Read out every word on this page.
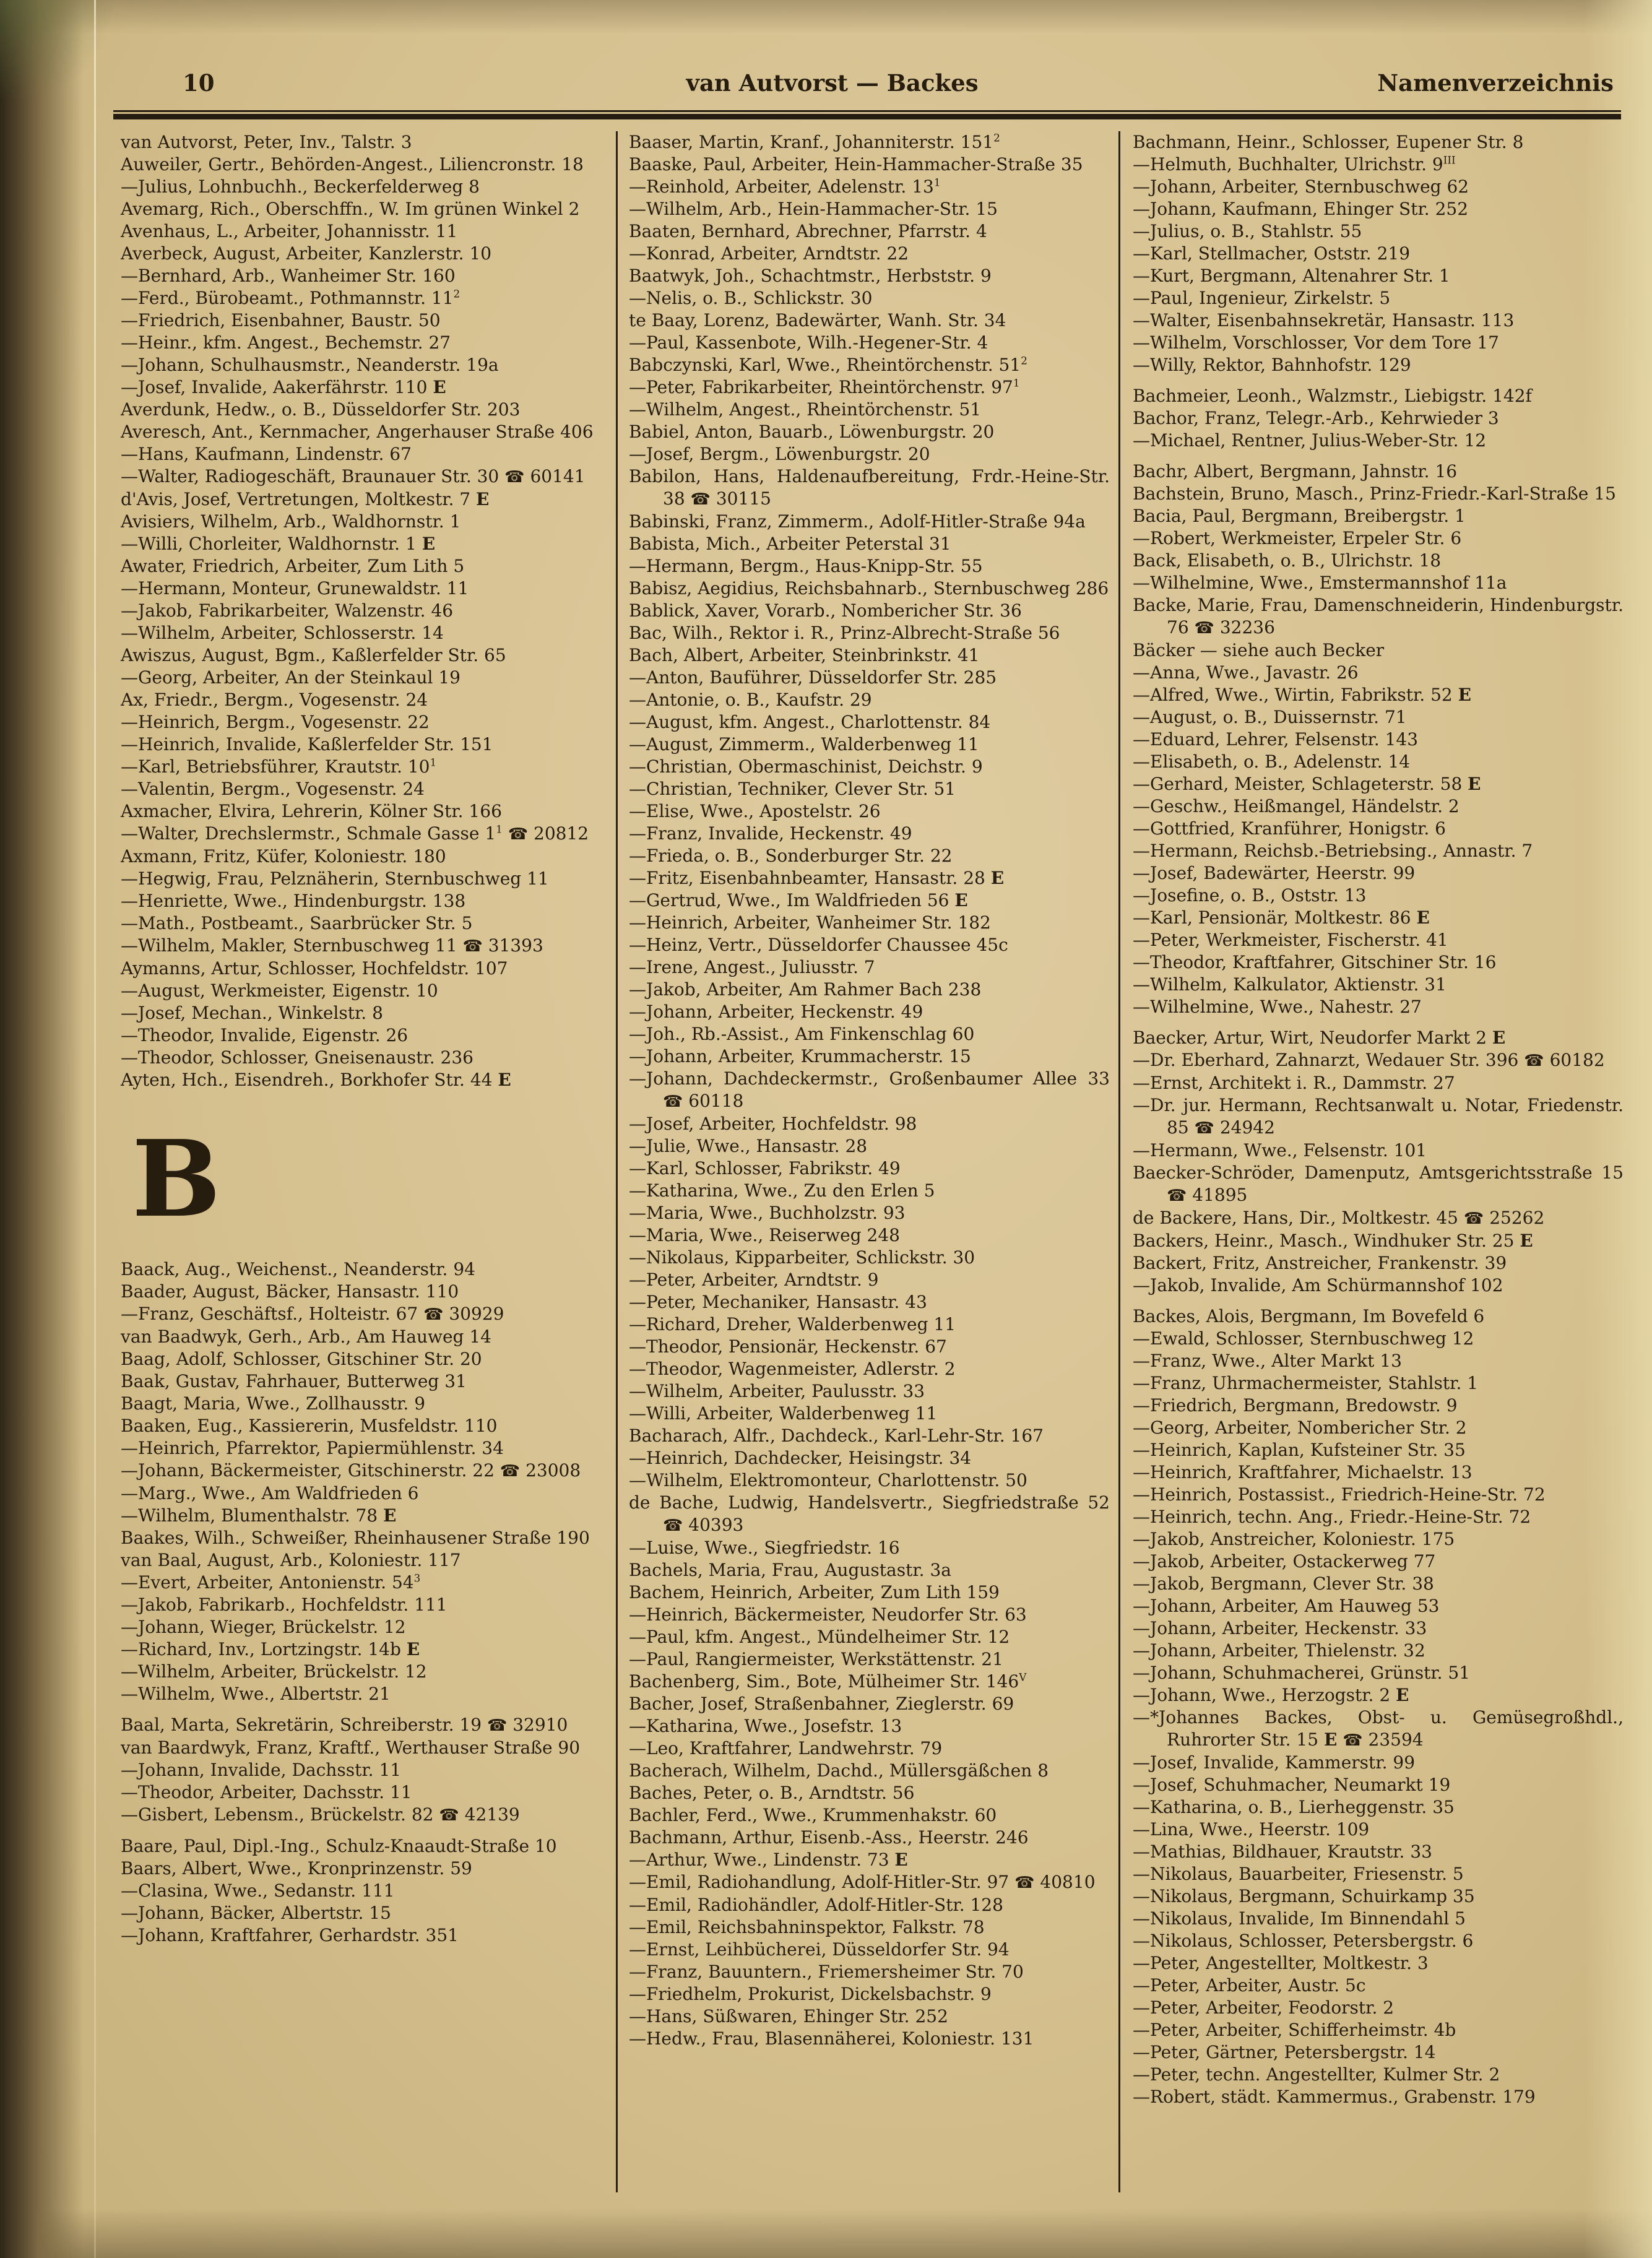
10	van Autvorst — Backes	Namenverzeichnis

van Autvorst, Peter, Inv., Talstr. 3

Auweiler, Gertr., Behörden-Angest., Liliencronstr. 18

—Julius, Lohnbuchh., Beckerfelderweg 8

Avemarg, Rich., Oberschffn., W. Im grünen Winkel 2

Avenhaus, L., Arbeiter, Johannisstr. 11

Averbeck, August, Arbeiter, Kanzlerstr. 10

—Bernhard, Arb., Wanheimer Str. 160

—Ferd., Bürobeamt., Pothmannstr. $11^2$

—Friedrich, Eisenbahner, Baustr. 50

—Heinr., kfm. Angest., Bechemstr. 27

—Johann, Schulhausmstr., Neanderstr. 19a

—Josef, Invalide, Aakerfährstr. 110 E

Averdunk, Hedw., o. B., Düsseldorfer Str. 203

Averesch, Ant., Kernmacher, Angerhauser Straße 406

—Hans, Kaufmann, Lindenstr. 67

—Walter, Radiogeschäft, Braunauer Str. 30 ☎ 60141

d'Avis, Josef, Vertretungen, Moltkestr. 7 E

Avisiers, Wilhelm, Arb., Waldhornstr. 1

—Willi, Chorleiter, Waldhornstr. 1 E

Awater, Friedrich, Arbeiter, Zum Lith 5

—Hermann, Monteur, Grunewaldstr. 11

—Jakob, Fabrikarbeiter, Walzenstr. 46

—Wilhelm, Arbeiter, Schlosserstr. 14

Awiszus, August, Bgm., Kaßlerfelder Str. 65

—Georg, Arbeiter, An der Steinkaul 19

Ax, Friedr., Bergm., Vogesenstr. 24

—Heinrich, Bergm., Vogesenstr. 22

—Heinrich, Invalide, Kaßlerfelder Str. 151

—Karl, Betriebsführer, Krautstr. $10^1$

—Valentin, Bergm., Vogesenstr. 24

Axmacher, Elvira, Lehrerin, Kölner Str. 166

—Walter, Drechslermstr., Schmale Gasse $1^1$ ☎ 20812

Axmann, Fritz, Küfer, Koloniestr. 180

—Hegwig, Frau, Pelznäherin, Sternbuschweg 11

—Henriette, Wwe., Hindenburgstr. 138

—Math., Postbeamt., Saarbrücker Str. 5

—Wilhelm, Makler, Sternbuschweg 11 ☎ 31393

Aymanns, Artur, Schlosser, Hochfeldstr. 107

—August, Werkmeister, Eigenstr. 10

—Josef, Mechan., Winkelstr. 8

—Theodor, Invalide, Eigenstr. 26

—Theodor, Schlosser, Gneisenaustr. 236

Ayten, Hch., Eisendreh., Borkhofer Str. 44 E

B

Baack, Aug., Weichenst., Neanderstr. 94

Baader, August, Bäcker, Hansastr. 110

—Franz, Geschäftsf., Holteistr. 67 ☎ 30929

van Baadwyk, Gerh., Arb., Am Hauweg 14

Baag, Adolf, Schlosser, Gitschiner Str. 20

Baak, Gustav, Fahrhauer, Butterweg 31

Baagt, Maria, Wwe., Zollhausstr. 9

Baaken, Eug., Kassiererin, Musfeldstr. 110

—Heinrich, Pfarrektor, Papiermühlenstr. 34

—Johann, Bäckermeister, Gitschinerstr. 22 ☎ 23008

—Marg., Wwe., Am Waldfrieden 6

—Wilhelm, Blumenthalstr. 78 E

Baakes, Wilh., Schweißer, Rheinhausener Straße 190

van Baal, August, Arb., Koloniestr. 117

—Evert, Arbeiter, Antonienstr. $54^3$

—Jakob, Fabrikarb., Hochfeldstr. 111

—Johann, Wieger, Brückelstr. 12

—Richard, Inv., Lortzingstr. 14b E

—Wilhelm, Arbeiter, Brückelstr. 12

—Wilhelm, Wwe., Albertstr. 21

Baal, Marta, Sekretärin, Schreiberstr. 19 ☎ 32910

van Baardwyk, Franz, Kraftf., Werthauser Straße 90

—Johann, Invalide, Dachsstr. 11

—Theodor, Arbeiter, Dachsstr. 11

—Gisbert, Lebensm., Brückelstr. 82 ☎ 42139

Baare, Paul, Dipl.-Ing., Schulz-Knaaudt-Straße 10

Baars, Albert, Wwe., Kronprinzenstr. 59

—Clasina, Wwe., Sedanstr. 111

—Johann, Bäcker, Albertstr. 15

—Johann, Kraftfahrer, Gerhardstr. 351

Baaser, Martin, Kranf., Johanniterstr. $151^2$

Baaske, Paul, Arbeiter, Hein-Hammacher-Straße 35

—Reinhold, Arbeiter, Adelenstr. $13^1$

—Wilhelm, Arb., Hein-Hammacher-Str. 15

Baaten, Bernhard, Abrechner, Pfarrstr. 4

—Konrad, Arbeiter, Arndtstr. 22

Baatwyk, Joh., Schachtmstr., Herbststr. 9

—Nelis, o. B., Schlickstr. 30

te Baay, Lorenz, Badewärter, Wanh. Str. 34

—Paul, Kassenbote, Wilh.-Hegener-Str. 4

Babczynski, Karl, Wwe., Rheintörchenstr. $51^2$

—Peter, Fabrikarbeiter, Rheintörchenstr. $97^1$

—Wilhelm, Angest., Rheintörchenstr. 51

Babiel, Anton, Bauarb., Löwenburgstr. 20

—Josef, Bergm., Löwenburgstr. 20

Babilon, Hans, Haldenaufbereitung, Frdr.-Heine-Str. 38 ☎ 30115

Babinski, Franz, Zimmerm., Adolf-Hitler-Straße 94a

Babista, Mich., Arbeiter Peterstal 31

—Hermann, Bergm., Haus-Knipp-Str. 55

Babisz, Aegidius, Reichsbahnarb., Sternbuschweg 286

Bablick, Xaver, Vorarb., Nombericher Str. 36

Bac, Wilh., Rektor i. R., Prinz-Albrecht-Straße 56

Bach, Albert, Arbeiter, Steinbrinkstr. 41

—Anton, Bauführer, Düsseldorfer Str. 285

—Antonie, o. B., Kaufstr. 29

—August, kfm. Angest., Charlottenstr. 84

—August, Zimmerm., Walderbenweg 11

—Christian, Obermaschinist, Deichstr. 9

—Christian, Techniker, Clever Str. 51

—Elise, Wwe., Apostelstr. 26

—Franz, Invalide, Heckenstr. 49

—Frieda, o. B., Sonderburger Str. 22

—Fritz, Eisenbahnbeamter, Hansastr. 28 E

—Gertrud, Wwe., Im Waldfrieden 56 E

—Heinrich, Arbeiter, Wanheimer Str. 182

—Heinz, Vertr., Düsseldorfer Chaussee 45c

—Irene, Angest., Juliusstr. 7

—Jakob, Arbeiter, Am Rahmer Bach 238

—Johann, Arbeiter, Heckenstr. 49

—Joh., Rb.-Assist., Am Finkenschlag 60

—Johann, Arbeiter, Krummacherstr. 15

—Johann, Dachdeckermstr., Großenbaumer Allee 33 ☎ 60118

—Josef, Arbeiter, Hochfeldstr. 98

—Julie, Wwe., Hansastr. 28

—Karl, Schlosser, Fabrikstr. 49

—Katharina, Wwe., Zu den Erlen 5

—Maria, Wwe., Buchholzstr. 93

—Maria, Wwe., Reiserweg 248

—Nikolaus, Kipparbeiter, Schlickstr. 30

—Peter, Arbeiter, Arndtstr. 9

—Peter, Mechaniker, Hansastr. 43

—Richard, Dreher, Walderbenweg 11

—Theodor, Pensionär, Heckenstr. 67

—Theodor, Wagenmeister, Adlerstr. 2

—Wilhelm, Arbeiter, Paulusstr. 33

—Willi, Arbeiter, Walderbenweg 11

Bacharach, Alfr., Dachdeck., Karl-Lehr-Str. 167

—Heinrich, Dachdecker, Heisingstr. 34

—Wilhelm, Elektromonteur, Charlottenstr. 50

de Bache, Ludwig, Handelsvertr., Siegfriedstraße 52 ☎ 40393

—Luise, Wwe., Siegfriedstr. 16

Bachels, Maria, Frau, Augustastr. 3a

Bachem, Heinrich, Arbeiter, Zum Lith 159

—Heinrich, Bäckermeister, Neudorfer Str. 63

—Paul, kfm. Angest., Mündelheimer Str. 12

—Paul, Rangiermeister, Werkstättenstr. 21

Bachenberg, Sim., Bote, Mülheimer Str. $146^V$

Bacher, Josef, Straßenbahner, Zieglerstr. 69

—Katharina, Wwe., Josefstr. 13

—Leo, Kraftfahrer, Landwehrstr. 79

Bacherach, Wilhelm, Dachd., Müllersgäßchen 8

Baches, Peter, o. B., Arndtstr. 56

Bachler, Ferd., Wwe., Krummenhakstr. 60

Bachmann, Arthur, Eisenb.-Ass., Heerstr. 246

—Arthur, Wwe., Lindenstr. 73 E

—Emil, Radiohandlung, Adolf-Hitler-Str. 97 ☎ 40810

—Emil, Radiohändler, Adolf-Hitler-Str. 128

—Emil, Reichsbahninspektor, Falkstr. 78

—Ernst, Leihbücherei, Düsseldorfer Str. 94

—Franz, Bauuntern., Friemersheimer Str. 70

—Friedhelm, Prokurist, Dickelsbachstr. 9

—Hans, Süßwaren, Ehinger Str. 252

—Hedw., Frau, Blasennäherei, Koloniestr. 131

Bachmann, Heinr., Schlosser, Eupener Str. 8

—Helmuth, Buchhalter, Ulrichstr. $9^{III}$

—Johann, Arbeiter, Sternbuschweg 62

—Johann, Kaufmann, Ehinger Str. 252

—Julius, o. B., Stahlstr. 55

—Karl, Stellmacher, Oststr. 219

—Kurt, Bergmann, Altenahrer Str. 1

—Paul, Ingenieur, Zirkelstr. 5

—Walter, Eisenbahnsekretär, Hansastr. 113

—Wilhelm, Vorschlosser, Vor dem Tore 17

—Willy, Rektor, Bahnhofstr. 129

Bachmeier, Leonh., Walzmstr., Liebigstr. 142f

Bachor, Franz, Telegr.-Arb., Kehrwieder 3

—Michael, Rentner, Julius-Weber-Str. 12

Bachr, Albert, Bergmann, Jahnstr. 16

Bachstein, Bruno, Masch., Prinz-Friedr.-Karl-Straße 15

Bacia, Paul, Bergmann, Breibergstr. 1

—Robert, Werkmeister, Erpeler Str. 6

Back, Elisabeth, o. B., Ulrichstr. 18

—Wilhelmine, Wwe., Emstermannshof 11a

Backe, Marie, Frau, Damenschneiderin, Hindenburgstr. 76 ☎ 32236

Bäcker — siehe auch Becker

—Anna, Wwe., Javastr. 26

—Alfred, Wwe., Wirtin, Fabrikstr. 52 E

—August, o. B., Duissernstr. 71

—Eduard, Lehrer, Felsenstr. 143

—Elisabeth, o. B., Adelenstr. 14

—Gerhard, Meister, Schlageterstr. 58 E

—Geschw., Heißmangel, Händelstr. 2

—Gottfried, Kranführer, Honigstr. 6

—Hermann, Reichsb.-Betriebsing., Annastr. 7

—Josef, Badewärter, Heerstr. 99

—Josefine, o. B., Oststr. 13

—Karl, Pensionär, Moltkestr. 86 E

—Peter, Werkmeister, Fischerstr. 41

—Theodor, Kraftfahrer, Gitschiner Str. 16

—Wilhelm, Kalkulator, Aktienstr. 31

—Wilhelmine, Wwe., Nahestr. 27

Baecker, Artur, Wirt, Neudorfer Markt 2 E

—Dr. Eberhard, Zahnarzt, Wedauer Str. 396 ☎ 60182

—Ernst, Architekt i. R., Dammstr. 27

—Dr. jur. Hermann, Rechtsanwalt u. Notar, Friedenstr. 85 ☎ 24942

—Hermann, Wwe., Felsenstr. 101

Baecker-Schröder, Damenputz, Amtsgerichtsstraße 15 ☎ 41895

de Backere, Hans, Dir., Moltkestr. 45 ☎ 25262

Backers, Heinr., Masch., Windhuker Str. 25 E

Backert, Fritz, Anstreicher, Frankenstr. 39

—Jakob, Invalide, Am Schürmannshof 102

Backes, Alois, Bergmann, Im Bovefeld 6

—Ewald, Schlosser, Sternbuschweg 12

—Franz, Wwe., Alter Markt 13

—Franz, Uhrmachermeister, Stahlstr. 1

—Friedrich, Bergmann, Bredowstr. 9

—Georg, Arbeiter, Nombericher Str. 2

—Heinrich, Kaplan, Kufsteiner Str. 35

—Heinrich, Kraftfahrer, Michaelstr. 13

—Heinrich, Postassist., Friedrich-Heine-Str. 72

—Heinrich, techn. Ang., Friedr.-Heine-Str. 72

—Jakob, Anstreicher, Koloniestr. 175

—Jakob, Arbeiter, Ostackerweg 77

—Jakob, Bergmann, Clever Str. 38

—Johann, Arbeiter, Am Hauweg 53

—Johann, Arbeiter, Heckenstr. 33

—Johann, Arbeiter, Thielenstr. 32

—Johann, Schuhmacherei, Grünstr. 51

—Johann, Wwe., Herzogstr. 2 E

—*Johannes Backes, Obst- u. Gemüsegroßhdl., Ruhrorter Str. 15 E ☎ 23594

—Josef, Invalide, Kammerstr. 99

—Josef, Schuhmacher, Neumarkt 19

—Katharina, o. B., Lierheggenstr. 35

—Lina, Wwe., Heerstr. 109

—Mathias, Bildhauer, Krautstr. 33

—Nikolaus, Bauarbeiter, Friesenstr. 5

—Nikolaus, Bergmann, Schuirkamp 35

—Nikolaus, Invalide, Im Binnendahl 5

—Nikolaus, Schlosser, Petersbergstr. 6

—Peter, Angestellter, Moltkestr. 3

—Peter, Arbeiter, Austr. 5c

—Peter, Arbeiter, Feodorstr. 2

—Peter, Arbeiter, Schifferheimstr. 4b

—Peter, Gärtner, Petersbergstr. 14

—Peter, techn. Angestellter, Kulmer Str. 2

—Robert, städt. Kammermus., Grabenstr. 179
